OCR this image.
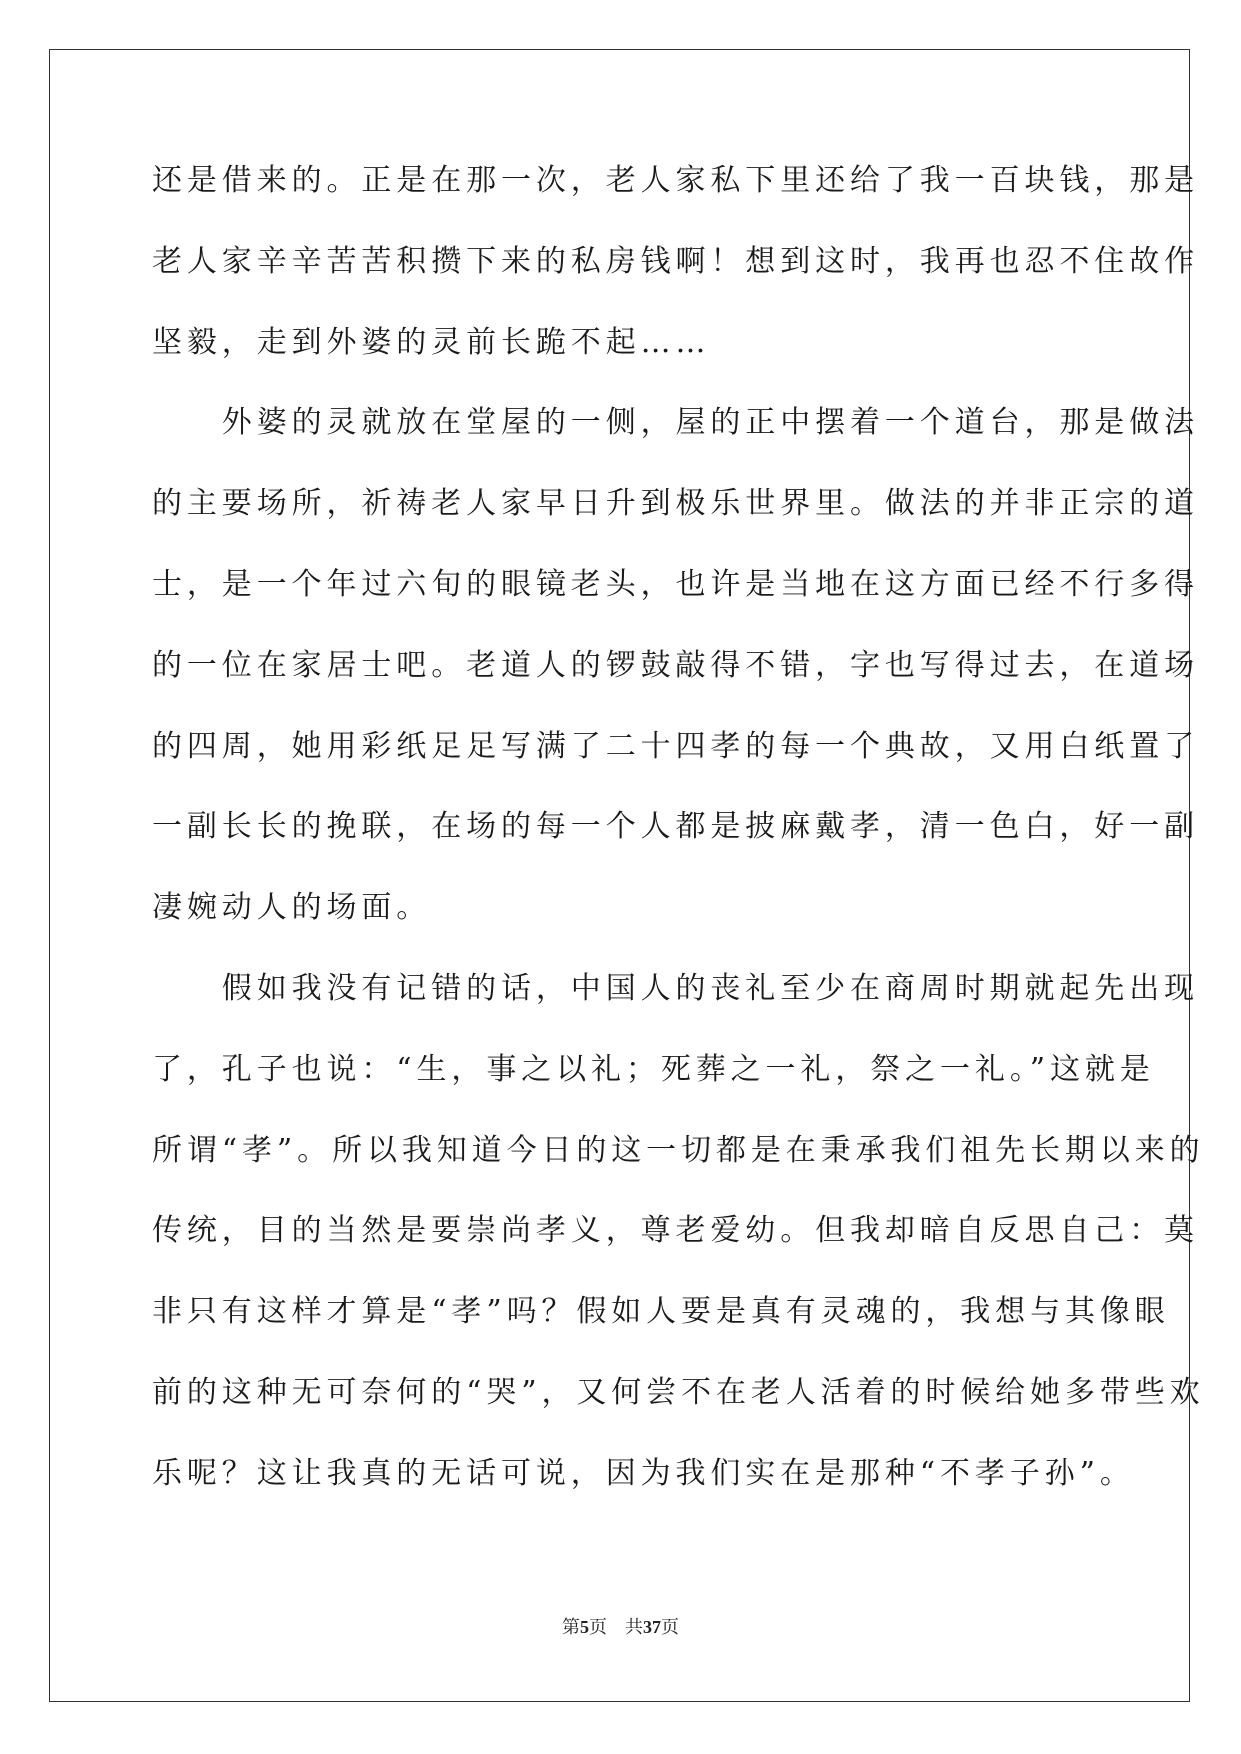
还是借来的。正是在那一次，老人家私下里还给了我一百块钱，那是
老人家辛辛苦苦积攒下来的私房钱啊！想到这时，我再也忍不住故作
坚毅，走到外婆的灵前长跪不起……
　　外婆的灵就放在堂屋的一侧，屋的正中摆着一个道台，那是做法
的主要场所，祈祷老人家早日升到极乐世界里。做法的并非正宗的道
士，是一个年过六旬的眼镜老头，也许是当地在这方面已经不行多得
的一位在家居士吧。老道人的锣鼓敲得不错，字也写得过去，在道场
的四周，她用彩纸足足写满了二十四孝的每一个典故，又用白纸置了
一副长长的挽联，在场的每一个人都是披麻戴孝，清一色白，好一副
凄婉动人的场面。
　　假如我没有记错的话，中国人的丧礼至少在商周时期就起先出现
了，孔子也说：“生，事之以礼；死葬之一礼，祭之一礼。”这就是
所谓“孝”。所以我知道今日的这一切都是在秉承我们祖先长期以来的
传统，目的当然是要崇尚孝义，尊老爱幼。但我却暗自反思自己：莫
非只有这样才算是“孝”吗？假如人要是真有灵魂的，我想与其像眼
前的这种无可奈何的“哭”，又何尝不在老人活着的时候给她多带些欢
乐呢？这让我真的无话可说，因为我们实在是那种“不孝子孙”。
第5页 共37页
